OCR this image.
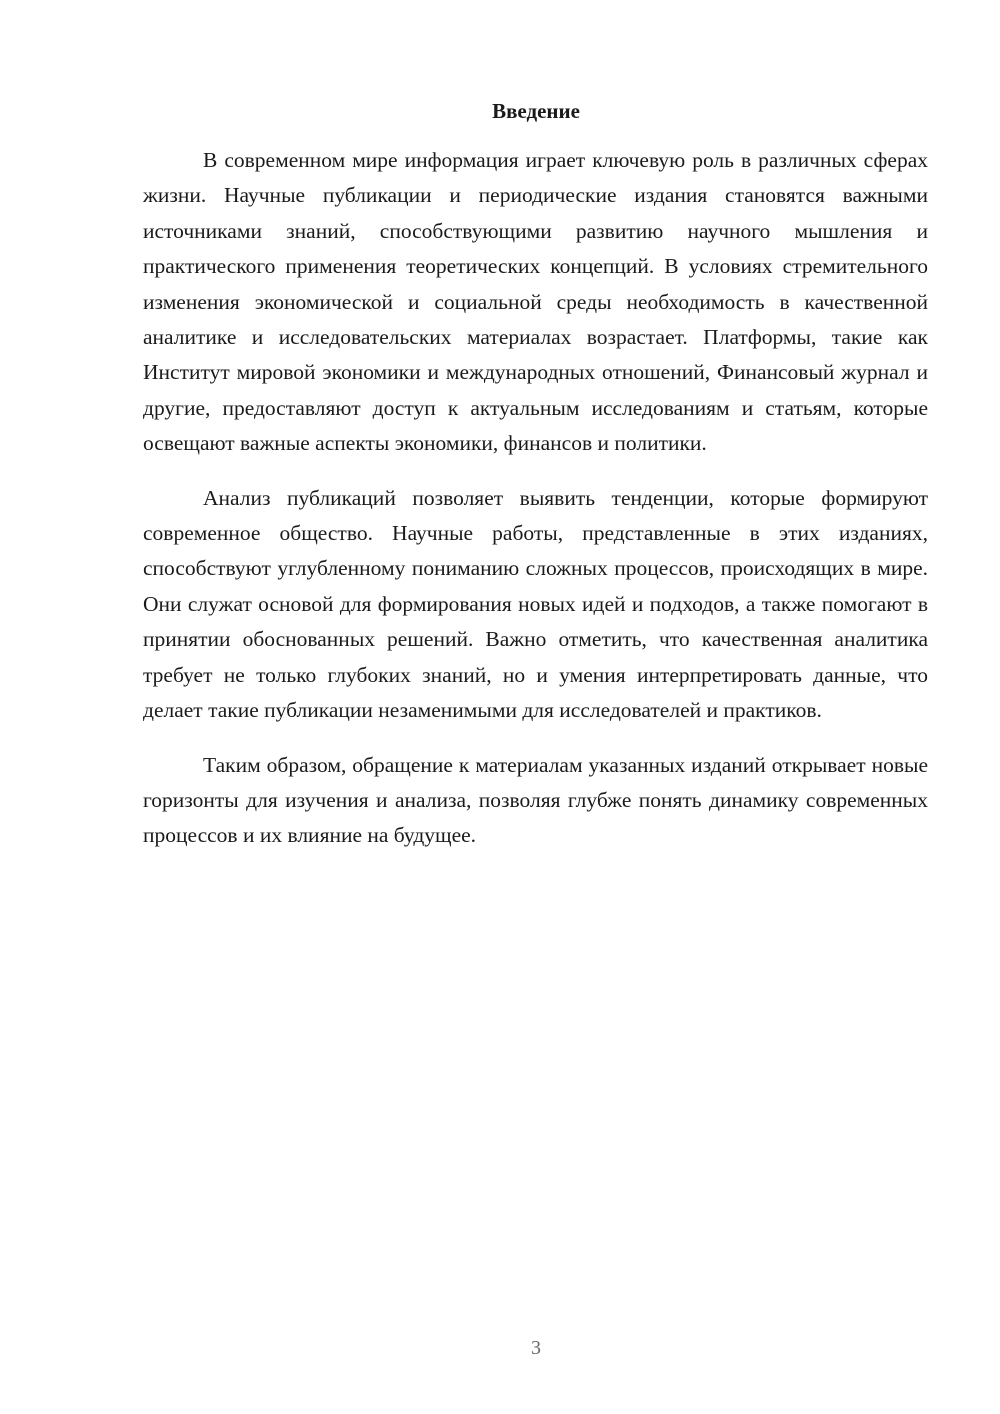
Введение

В современном мире информация играет ключевую роль в различных сферах жизни. Научные публикации и периодические издания становятся важными источниками знаний, способствующими развитию научного мышления и практического применения теоретических концепций. В условиях стремительного изменения экономической и социальной среды необходимость в качественной аналитике и исследовательских материалах возрастает. Платформы, такие как Институт мировой экономики и международных отношений, Финансовый журнал и другие, предоставляют доступ к актуальным исследованиям и статьям, которые освещают важные аспекты экономики, финансов и политики.

Анализ публикаций позволяет выявить тенденции, которые формируют современное общество. Научные работы, представленные в этих изданиях, способствуют углубленному пониманию сложных процессов, происходящих в мире. Они служат основой для формирования новых идей и подходов, а также помогают в принятии обоснованных решений. Важно отметить, что качественная аналитика требует не только глубоких знаний, но и умения интерпретировать данные, что делает такие публикации незаменимыми для исследователей и практиков.

Таким образом, обращение к материалам указанных изданий открывает новые горизонты для изучения и анализа, позволяя глубже понять динамику современных процессов и их влияние на будущее.

3
